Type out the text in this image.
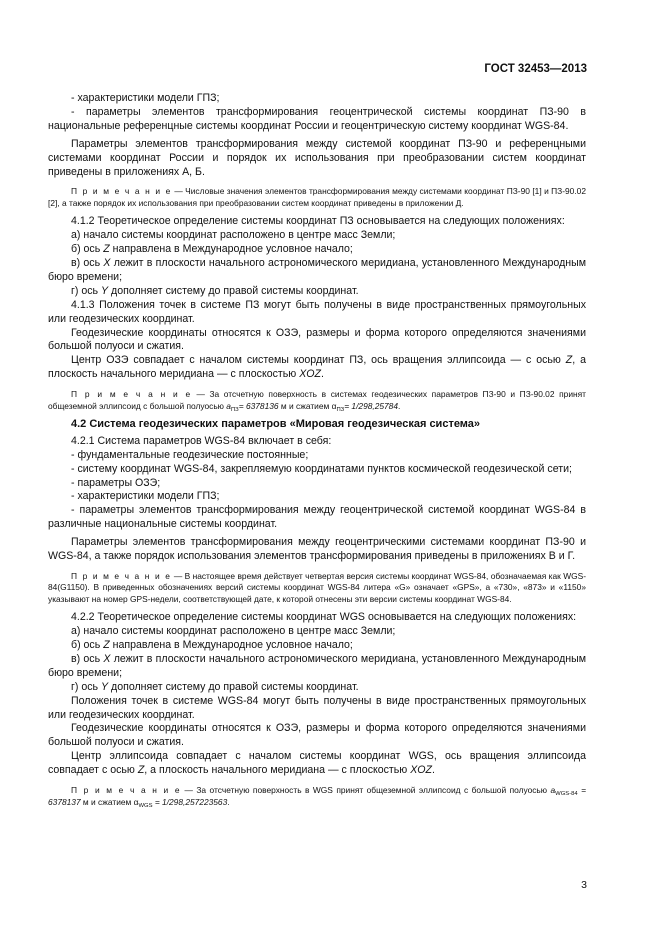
ГОСТ 32453—2013

- характеристики модели ГПЗ;

- параметры элементов трансформирования геоцентрической системы координат ПЗ-90 в национальные референцные системы координат России и геоцентрическую систему координат WGS-84.

Параметры элементов трансформирования между системой координат ПЗ-90 и референцными системами координат России и порядок их использования при преобразовании систем координат приведены в приложениях А, Б.

П р и м е ч а н и е — Числовые значения элементов трансформирования между системами координат ПЗ-90 [1] и ПЗ-90.02 [2], а также порядок их использования при преобразовании систем координат приведены в приложении Д.

4.1.2 Теоретическое определение системы координат ПЗ основывается на следующих положениях:

а) начало системы координат расположено в центре масс Земли;

б) ось Z направлена в Международное условное начало;

в) ось X лежит в плоскости начального астрономического меридиана, установленного Международным бюро времени;

г) ось Y дополняет систему до правой системы координат.

4.1.3 Положения точек в системе ПЗ могут быть получены в виде пространственных прямоугольных или геодезических координат.

Геодезические координаты относятся к ОЗЭ, размеры и форма которого определяются значениями большой полуоси и сжатия.

Центр ОЗЭ совпадает с началом системы координат ПЗ, ось вращения эллипсоида — с осью Z, а плоскость начального меридиана — с плоскостью XOZ.

П р и м е ч а н и е — За отсчетную поверхность в системах геодезических параметров ПЗ-90 и ПЗ-90.02 принят общеземной эллипсоид с большой полуосью $a_{ПЗ}= 6378136$ м и сжатием $\alpha_{ПЗ}= 1/298,25784$.

4.2 Система геодезических параметров «Мировая геодезическая система»

4.2.1 Система параметров WGS-84 включает в себя:

- фундаментальные геодезические постоянные;

- систему координат WGS-84, закрепляемую координатами пунктов космической геодезической сети;

- параметры ОЗЭ;

- характеристики модели ГПЗ;

- параметры элементов трансформирования между геоцентрической системой координат WGS-84 в различные национальные системы координат.

Параметры элементов трансформирования между геоцентрическими системами координат ПЗ-90 и WGS-84, а также порядок использования элементов трансформирования приведены в приложениях В и Г.

П р и м е ч а н и е — В настоящее время действует четвертая версия системы координат WGS-84, обозначаемая как WGS-84(G1150). В приведенных обозначениях версий системы координат WGS-84 литера «G» означает «GPS», а «730», «873» и «1150» указывают на номер GPS-недели, соответствующей дате, к которой отнесены эти версии системы координат WGS-84.

4.2.2 Теоретическое определение системы координат WGS основывается на следующих положениях:

а) начало системы координат расположено в центре масс Земли;

б) ось Z направлена в Международное условное начало;

в) ось X лежит в плоскости начального астрономического меридиана, установленного Международным бюро времени;

г) ось Y дополняет систему до правой системы координат.

Положения точек в системе WGS-84 могут быть получены в виде пространственных прямоугольных или геодезических координат.

Геодезические координаты относятся к ОЗЭ, размеры и форма которого определяются значениями большой полуоси и сжатия.

Центр эллипсоида совпадает с началом системы координат WGS, ось вращения эллипсоида совпадает с осью Z, а плоскость начального меридиана — с плоскостью XOZ.

П р и м е ч а н и е — За отсчетную поверхность в WGS принят общеземной эллипсоид с большой полуосью $a_{WGS-84} = 6378137$ м и сжатием $\alpha_{WGS} = 1/298,257223563$.

3
